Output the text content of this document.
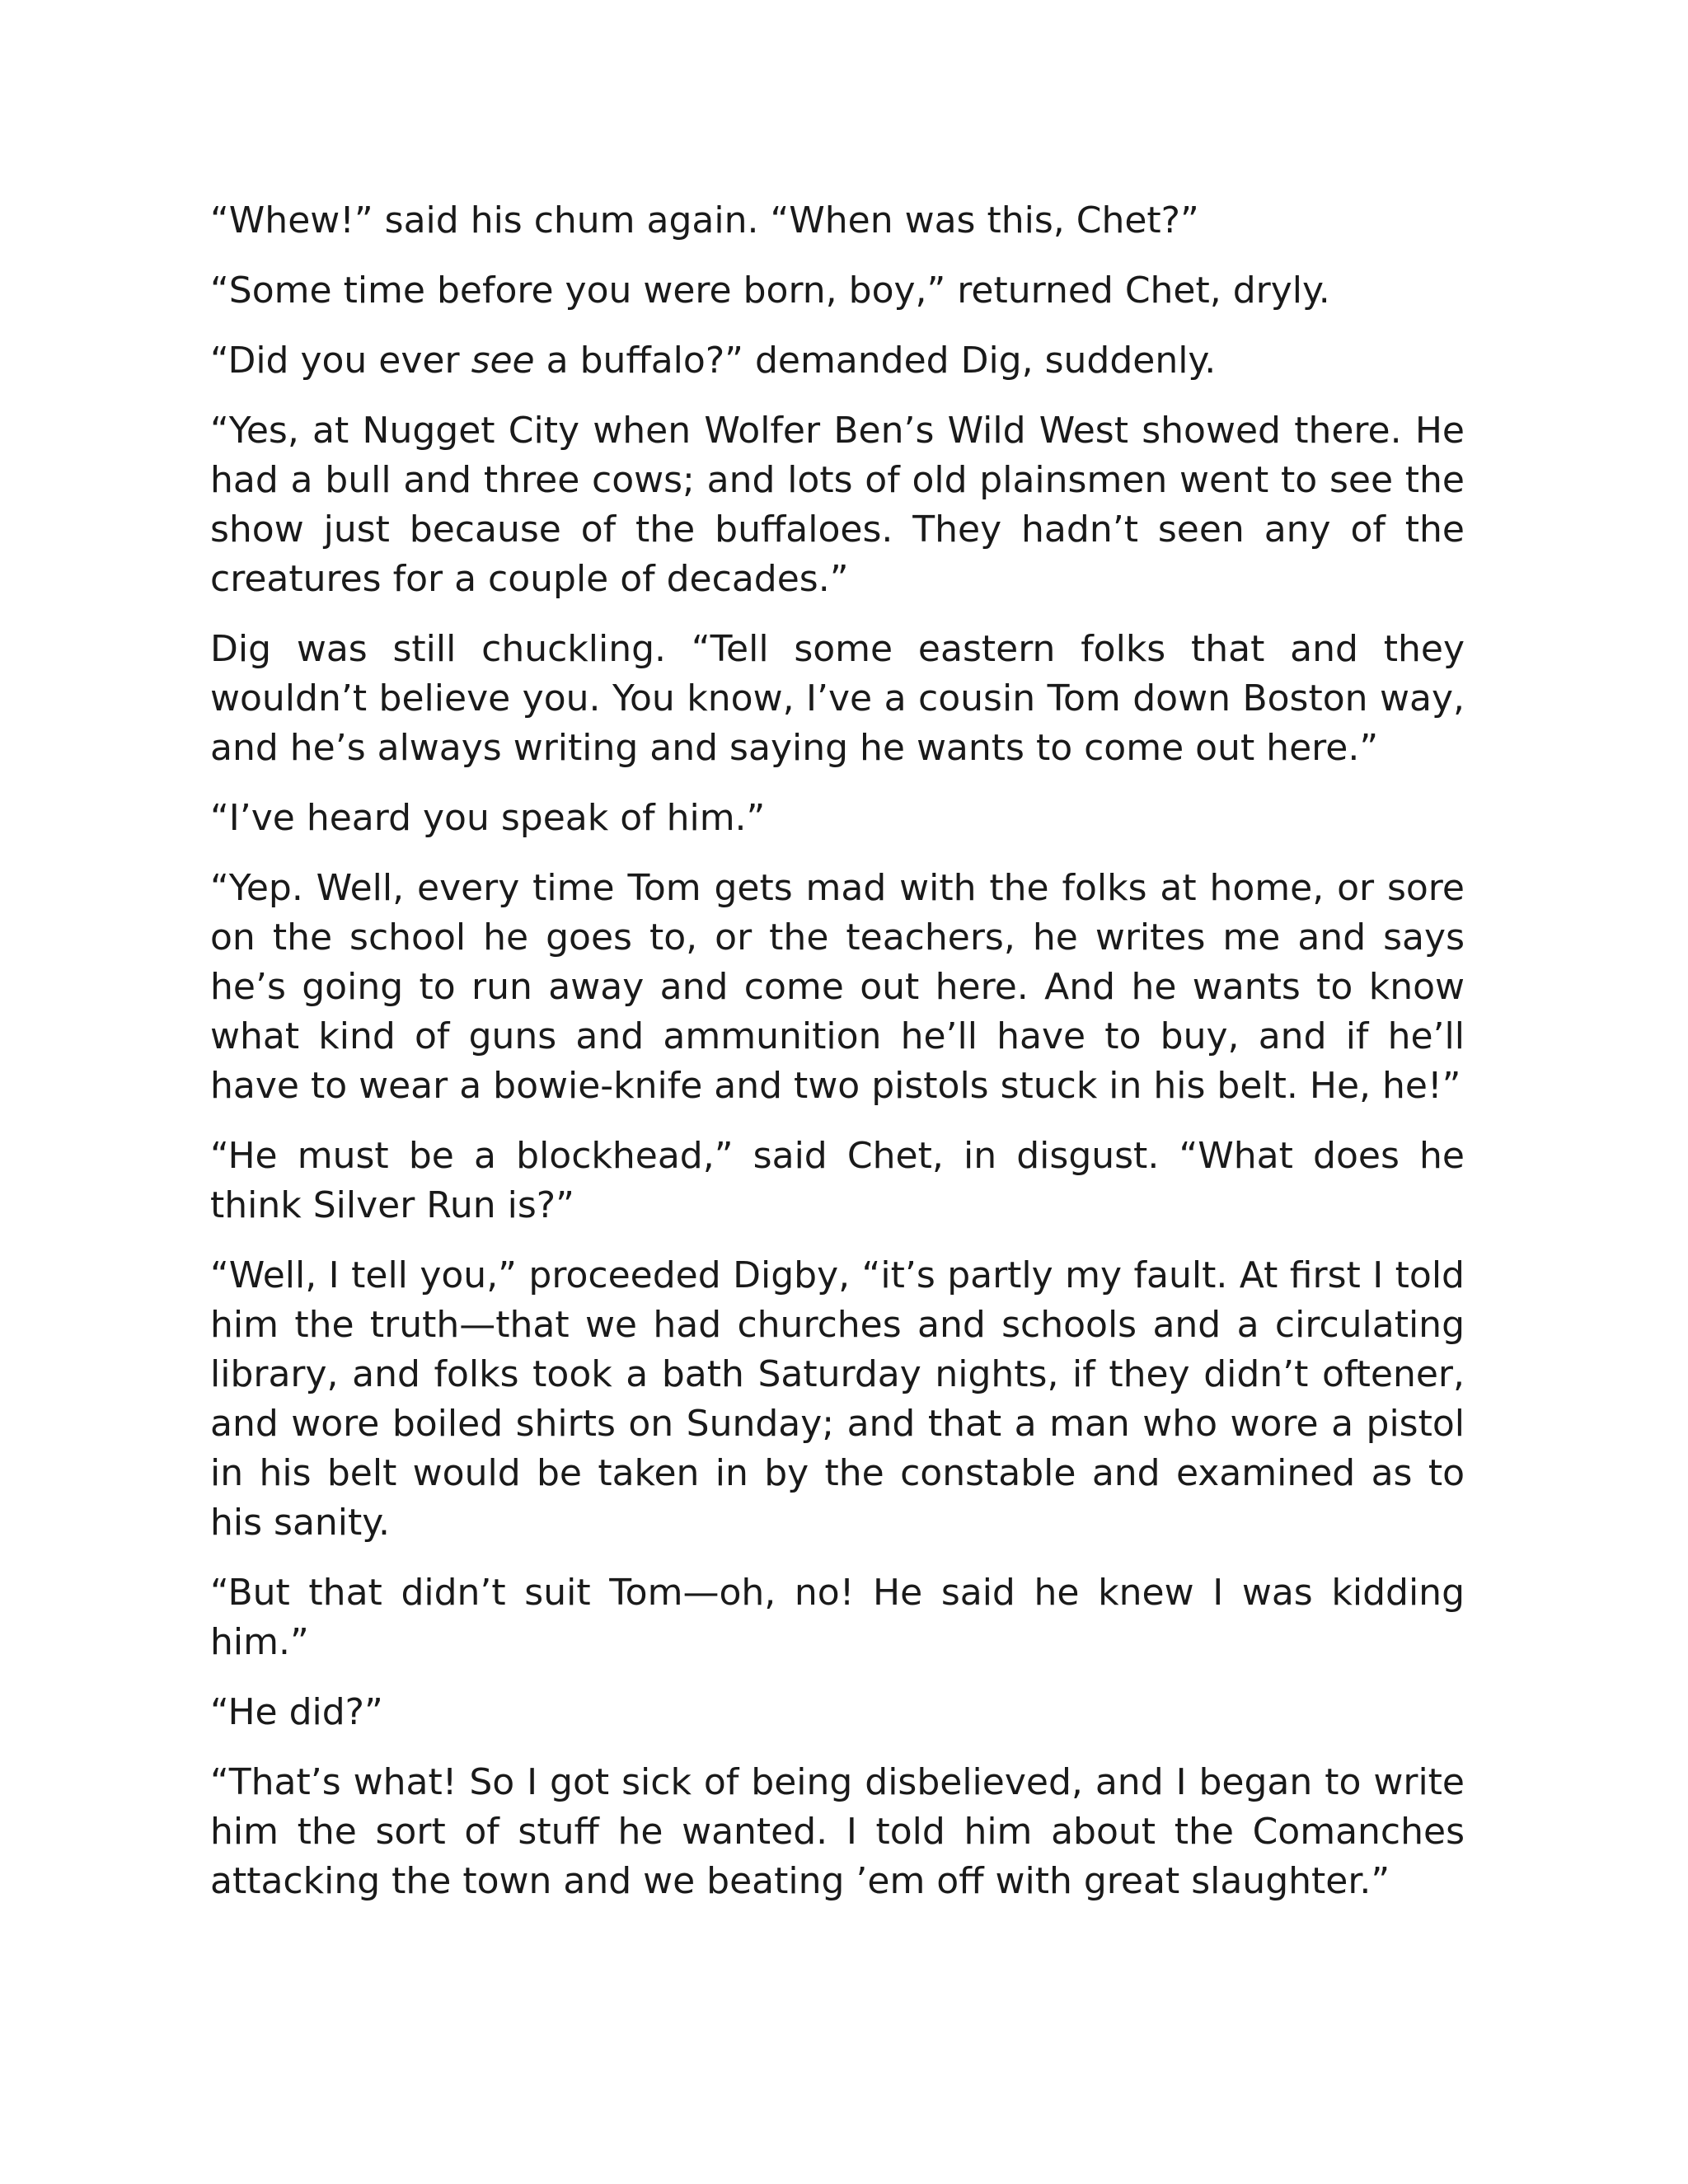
“Whew!” said his chum again. “When was this, Chet?”

“Some time before you were born, boy,” returned Chet, dryly.

“Did you ever see a buffalo?” demanded Dig, suddenly.

“Yes, at Nugget City when Wolfer Ben’s Wild West showed there. He had a bull and three cows; and lots of old plainsmen went to see the show just because of the buffaloes. They hadn’t seen any of the creatures for a couple of decades.”

Dig was still chuckling. “Tell some eastern folks that and they wouldn’t believe you. You know, I’ve a cousin Tom down Boston way, and he’s always writing and saying he wants to come out here.”

“I’ve heard you speak of him.”

“Yep. Well, every time Tom gets mad with the folks at home, or sore on the school he goes to, or the teachers, he writes me and says he’s going to run away and come out here. And he wants to know what kind of guns and ammunition he’ll have to buy, and if he’ll have to wear a bowie-knife and two pistols stuck in his belt. He, he!”

“He must be a blockhead,” said Chet, in disgust. “What does he think Silver Run is?”

“Well, I tell you,” proceeded Digby, “it’s partly my fault. At first I told him the truth—that we had churches and schools and a circulating library, and folks took a bath Saturday nights, if they didn’t oftener, and wore boiled shirts on Sunday; and that a man who wore a pistol in his belt would be taken in by the constable and examined as to his sanity.

“But that didn’t suit Tom—oh, no! He said he knew I was kidding him.”

“He did?”

“That’s what! So I got sick of being disbelieved, and I began to write him the sort of stuff he wanted. I told him about the Comanches attacking the town and we beating ’em off with great slaughter.”
